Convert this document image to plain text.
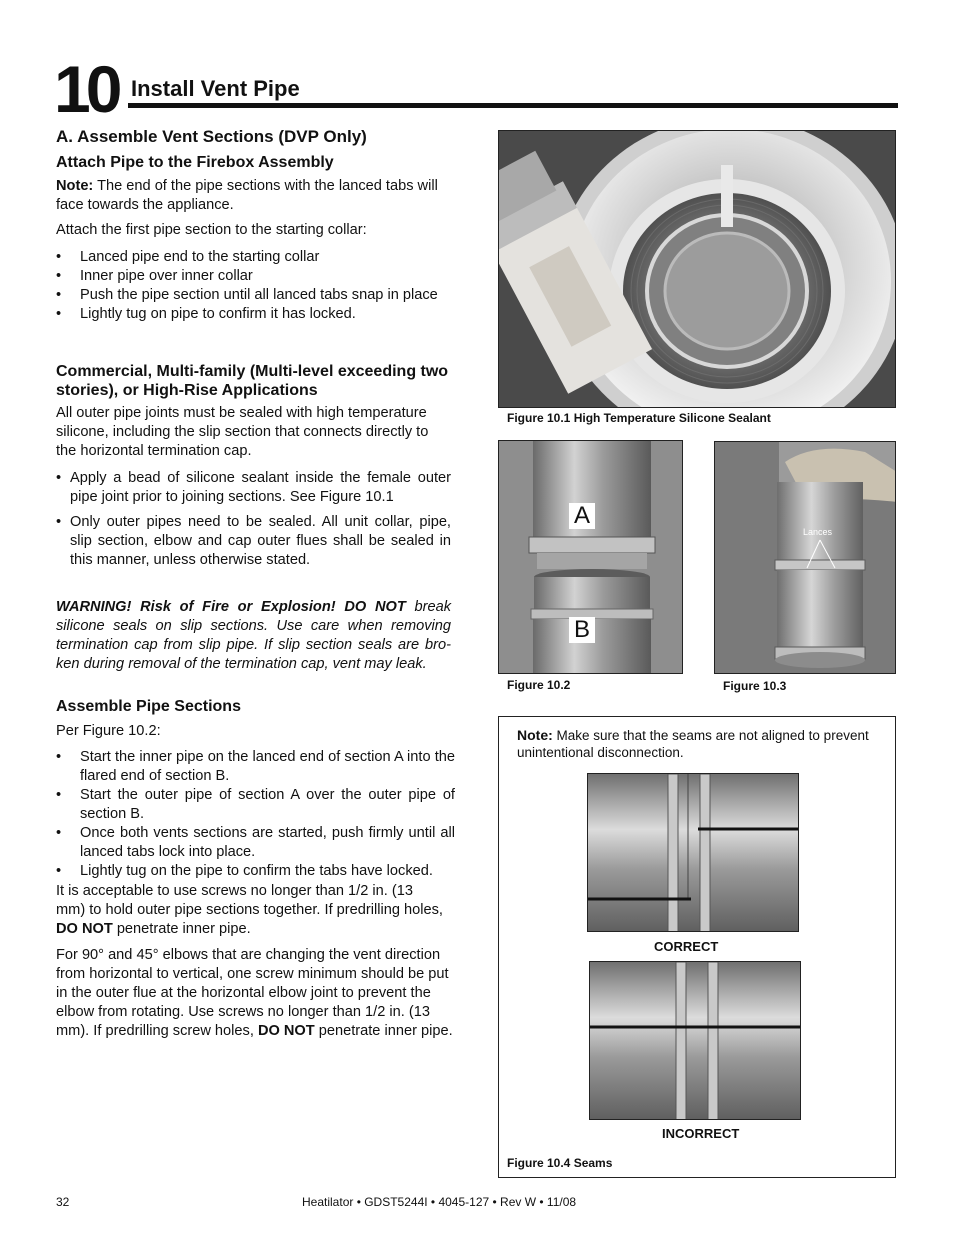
10 Install Vent Pipe
A. Assemble Vent Sections (DVP Only)
Attach Pipe to the Firebox Assembly

Note: The end of the pipe sections with the lanced tabs will face towards the appliance.

Attach the first pipe section to the starting collar:

• Lanced pipe end to the starting collar
• Inner pipe over inner collar
• Push the pipe section until all lanced tabs snap in place
• Lightly tug on pipe to confirm it has locked.
Commercial, Multi-family (Multi-level exceeding two stories), or High-Rise Applications

All outer pipe joints must be sealed with high temperature silicone, including the slip section that connects directly to the horizontal termination cap.

• Apply a bead of silicone sealant inside the female outer pipe joint prior to joining sections. See Figure 10.1
• Only outer pipes need to be sealed. All unit collar, pipe, slip section, elbow and cap outer flues shall be sealed in this manner, unless otherwise stated.

WARNING! Risk of Fire or Explosion! DO NOT break silicone seals on slip sections. Use care when removing termination cap from slip pipe. If slip section seals are bro-ken during removal of the termination cap, vent may leak.

Assemble Pipe Sections

Per Figure 10.2:

• Start the inner pipe on the lanced end of section A into the flared end of section B.
• Start the outer pipe of section A over the outer pipe of section B.
• Once both vents sections are started, push firmly until all lanced tabs lock into place.
• Lightly tug on the pipe to confirm the tabs have locked.

It is acceptable to use screws no longer than 1/2 in. (13 mm) to hold outer pipe sections together. If predrilling holes, DO NOT penetrate inner pipe.

For 90° and 45° elbows that are changing the vent direction from horizontal to vertical, one screw minimum should be put in the outer flue at the horizontal elbow joint to prevent the elbow from rotating. Use screws no longer than 1/2 in. (13 mm). If predrilling screw holes, DO NOT penetrate inner pipe.

Figure 10.1 High Temperature Silicone Sealant
A
B
Figure 10.2
Lances
Figure 10.3

Note: Make sure that the seams are not aligned to prevent unintentional disconnection.

CORRECT
INCORRECT
Figure 10.4 Seams
32	Heatilator • GDST5244I • 4045-127 • Rev W • 11/08
